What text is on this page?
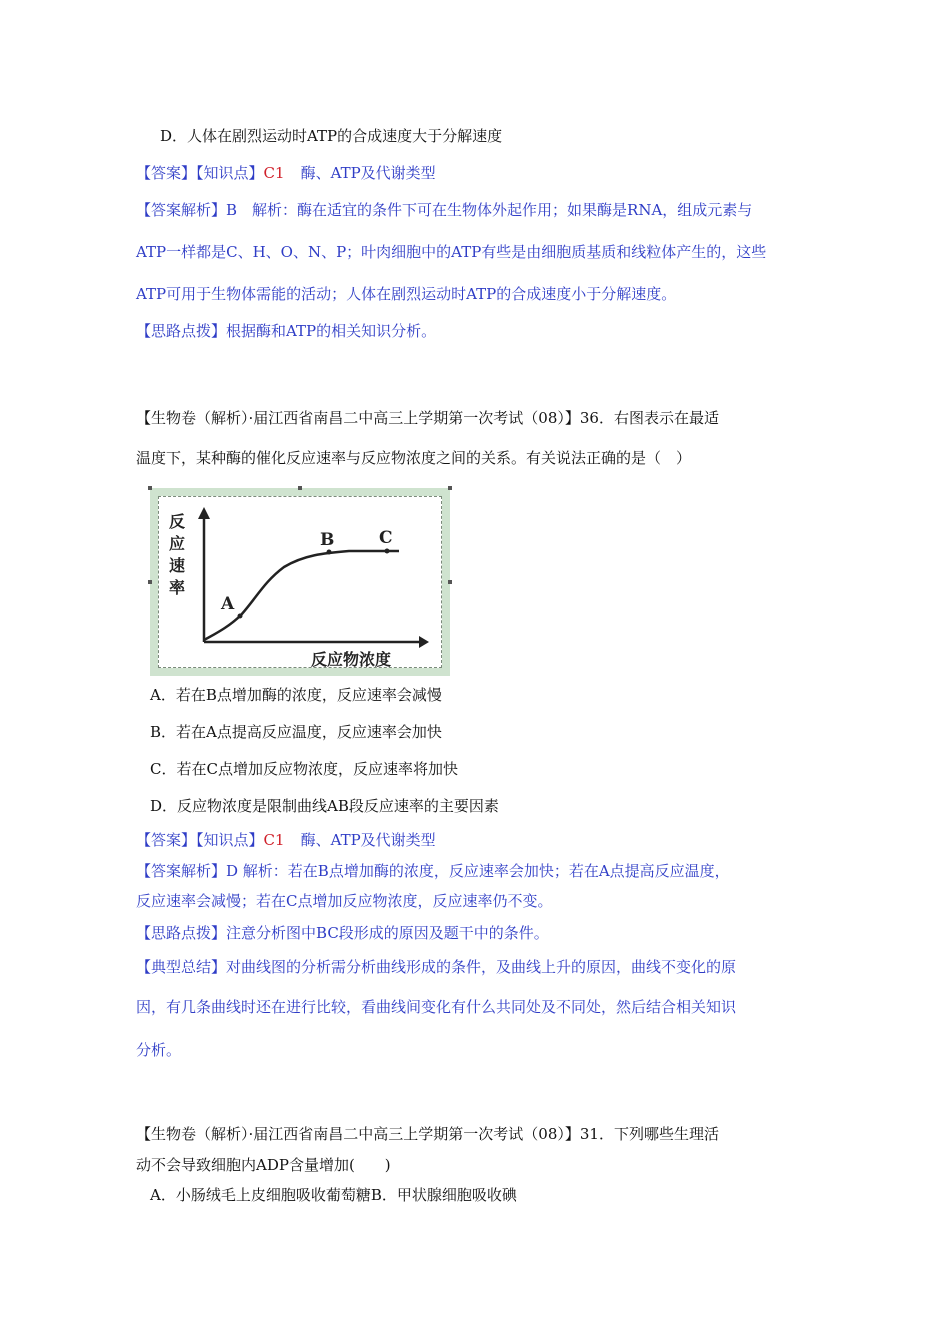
D．人体在剧烈运动时ATP的合成速度大于分解速度
【答案】【知识点】C1 酶、ATP及代谢类型
【答案解析】B　解析：酶在适宜的条件下可在生物体外起作用；如果酶是RNA，组成元素与
ATP一样都是C、H、O、N、P；叶肉细胞中的ATP有些是由细胞质基质和线粒体产生的，这些
ATP可用于生物体需能的活动；人体在剧烈运动时ATP的合成速度小于分解速度。
【思路点拨】根据酶和ATP的相关知识分析。
【生物卷（解析）·届江西省南昌二中高三上学期第一次考试（08）】36．右图表示在最适
温度下，某种酶的催化反应速率与反应物浓度之间的关系。有关说法正确的是（　）
A
B	C
反
应
速
率
反应物浓度
A．若在B点增加酶的浓度，反应速率会减慢
B．若在A点提高反应温度，反应速率会加快
C．若在C点增加反应物浓度，反应速率将加快
D．反应物浓度是限制曲线AB段反应速率的主要因素
【答案】【知识点】C1 酶、ATP及代谢类型
【答案解析】D 解析：若在B点增加酶的浓度，反应速率会加快；若在A点提高反应温度，
反应速率会减慢；若在C点增加反应物浓度，反应速率仍不变。
【思路点拨】注意分析图中BC段形成的原因及题干中的条件。
【典型总结】对曲线图的分析需分析曲线形成的条件，及曲线上升的原因，曲线不变化的原
因，有几条曲线时还在进行比较，看曲线间变化有什么共同处及不同处，然后结合相关知识
分析。
【生物卷（解析）·届江西省南昌二中高三上学期第一次考试（08）】31．下列哪些生理活
动不会导致细胞内ADP含量增加(　　)
A．小肠绒毛上皮细胞吸收葡萄糖B．甲状腺细胞吸收碘
